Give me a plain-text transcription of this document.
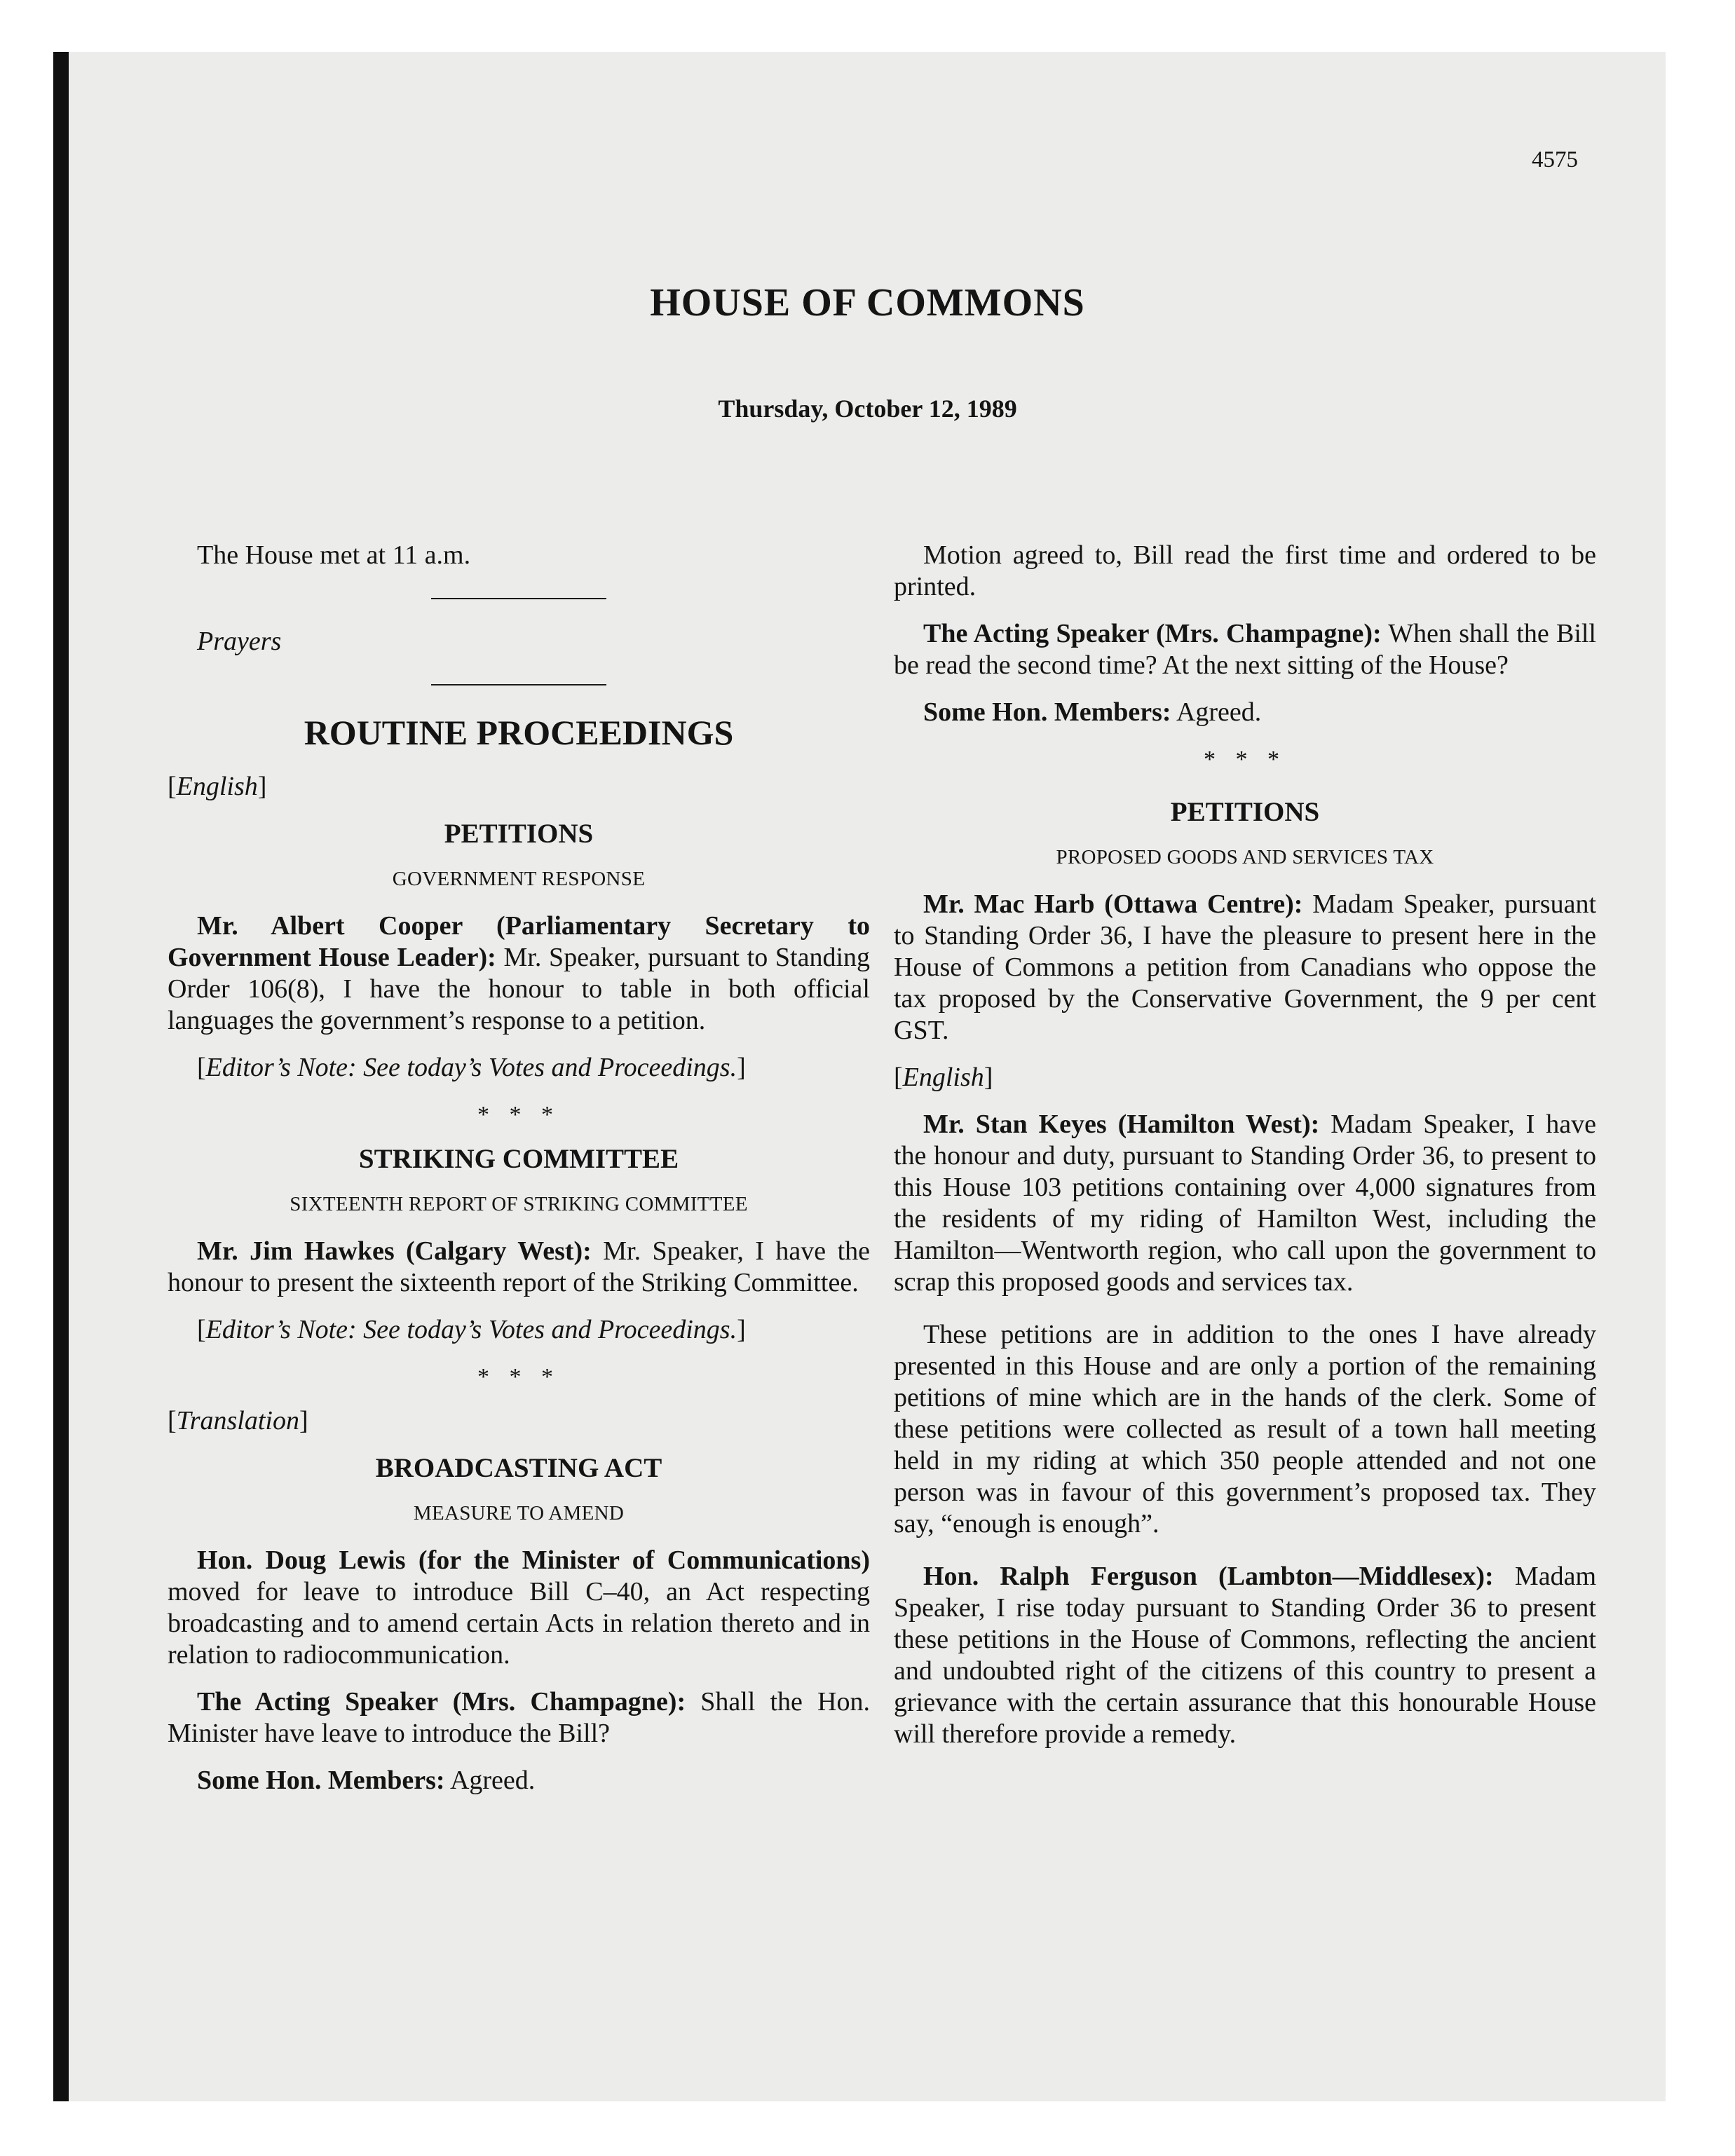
4575
HOUSE OF COMMONS
Thursday, October 12, 1989

The House met at 11 a.m.

Prayers

ROUTINE PROCEEDINGS
[English]
PETITIONS
GOVERNMENT RESPONSE

Mr. Albert Cooper (Parliamentary Secretary to Government House Leader): Mr. Speaker, pursuant to Standing Order 106(8), I have the honour to table in both official languages the government’s response to a petition.

[Editor’s Note: See today’s Votes and Proceedings.]

* * *
STRIKING COMMITTEE
SIXTEENTH REPORT OF STRIKING COMMITTEE

Mr. Jim Hawkes (Calgary West): Mr. Speaker, I have the honour to present the sixteenth report of the Striking Committee.

[Editor’s Note: See today’s Votes and Proceedings.]

* * *
[Translation]
BROADCASTING ACT
MEASURE TO AMEND

Hon. Doug Lewis (for the Minister of Communications) moved for leave to introduce Bill C–40, an Act respecting broadcasting and to amend certain Acts in relation thereto and in relation to radiocommunication.

The Acting Speaker (Mrs. Champagne): Shall the Hon. Minister have leave to introduce the Bill?

Some Hon. Members: Agreed.

Motion agreed to, Bill read the first time and ordered to be printed.

The Acting Speaker (Mrs. Champagne): When shall the Bill be read the second time? At the next sitting of the House?

Some Hon. Members: Agreed.

* * *
PETITIONS
PROPOSED GOODS AND SERVICES TAX

Mr. Mac Harb (Ottawa Centre): Madam Speaker, pursuant to Standing Order 36, I have the pleasure to present here in the House of Commons a petition from Canadians who oppose the tax proposed by the Conservative Government, the 9 per cent GST.

[English]

Mr. Stan Keyes (Hamilton West): Madam Speaker, I have the honour and duty, pursuant to Standing Order 36, to present to this House 103 petitions containing over 4,000 signatures from the residents of my riding of Hamilton West, including the Hamilton—Wentworth region, who call upon the government to scrap this proposed goods and services tax.

These petitions are in addition to the ones I have already presented in this House and are only a portion of the remaining petitions of mine which are in the hands of the clerk. Some of these petitions were collected as result of a town hall meeting held in my riding at which 350 people attended and not one person was in favour of this government’s proposed tax. They say, “enough is enough”.

Hon. Ralph Ferguson (Lambton—Middlesex): Madam Speaker, I rise today pursuant to Standing Order 36 to present these petitions in the House of Commons, reflecting the ancient and undoubted right of the citizens of this country to present a grievance with the certain assurance that this honourable House will therefore provide a remedy.
